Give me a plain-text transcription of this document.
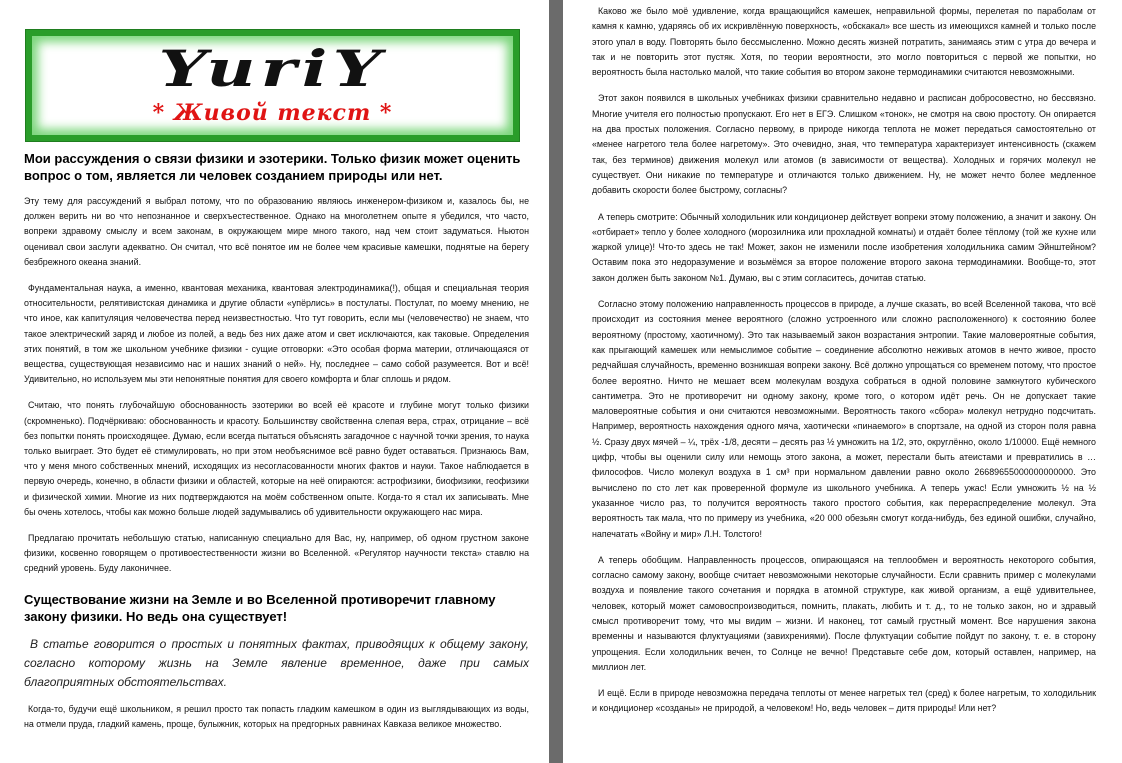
YuriY
* Живой текст *
Мои рассуждения о связи физики и эзотерики. Только физик может оценить вопрос о том, является ли человек созданием природы или нет.

Эту тему для рассуждений я выбрал потому, что по образованию являюсь инженером-физиком и, казалось бы, не должен верить ни во что непознанное и сверхъестественное. Однако на многолетнем опыте я убедился, что часто, вопреки здравому смыслу и всем законам, в окружающем мире много такого, над чем стоит задуматься. Ньютон оценивал свои заслуги адекватно. Он считал, что всё понятое им не более чем красивые камешки, поднятые на берегу безбрежного океана знаний.

Фундаментальная наука, а именно, квантовая механика, квантовая электродинамика(!), общая и специальная теория относительности, релятивистская динамика и другие области «упёрлись» в постулаты. Постулат, по моему мнению, не что иное, как капитуляция человечества перед неизвестностью. Что тут говорить, если мы (человечество) не знаем, что такое электрический заряд и любое из полей, а ведь без них даже атом и свет исключаются, как таковые. Определения этих понятий, в том же школьном учебнике физики - сущие отговорки: «Это особая форма материи, отличающаяся от вещества, существующая независимо нас и наших знаний о ней». Ну, последнее – само собой разумеется. Вот и всё! Удивительно, но используем мы эти непонятные понятия для своего комфорта и благ сплошь и рядом.

Считаю, что понять глубочайшую обоснованность эзотерики во всей её красоте и глубине могут только физики (скромненько). Подчёркиваю: обоснованность и красоту. Большинству свойственна слепая вера, страх, отрицание – всё без попытки понять происходящее. Думаю, если всегда пытаться объяснять загадочное с научной точки зрения, то наука только выиграет. Это будет её стимулировать, но при этом необъяснимое всё равно будет оставаться. Признаюсь Вам, что у меня много собственных мнений, исходящих из несогласованности многих фактов и науки. Такое наблюдается в первую очередь, конечно, в области физики и областей, которые на неё опираются: астрофизики, биофизики, геофизики и физической химии. Многие из них подтверждаются на моём собственном опыте. Когда-то я стал их записывать. Мне бы очень хотелось, чтобы как можно больше людей задумывались об удивительности окружающего нас мира.

Предлагаю прочитать небольшую статью, написанную специально для Вас, ну, например, об одном грустном законе физики, косвенно говорящем о противоестественности жизни во Вселенной. «Регулятор научности текста» ставлю на средний уровень. Буду лаконичнее.

Существование жизни на Земле и во Вселенной противоречит главному закону физики. Но ведь она существует!

В статье говорится о простых и понятных фактах, приводящих к общему закону, согласно которому жизнь на Земле явление временное, даже при самых благоприятных обстоятельствах.

Когда-то, будучи ещё школьником, я решил просто так попасть гладким камешком в один из выглядывающих из воды, на отмели пруда, гладкий камень, проще, булыжник, которых на предгорных равнинах Кавказа великое множество.

Каково же было моё удивление, когда вращающийся камешек, неправильной формы, перелетая по параболам от камня к камню, ударяясь об их искривлённую поверхность, «обскакал» все шесть из имеющихся камней и только после этого упал в воду. Повторять было бессмысленно. Можно десять жизней потратить, занимаясь этим с утра до вечера и так и не повторить этот пустяк. Хотя, по теории вероятности, это могло повториться с первой же попытки, но вероятность была настолько малой, что такие события во втором законе термодинамики считаются невозможными.

Этот закон появился в школьных учебниках физики сравнительно недавно и расписан добросовестно, но бессвязно. Многие учителя его полностью пропускают. Его нет в ЕГЭ. Слишком «тонок», не смотря на свою простоту. Он опирается на два простых положения. Согласно первому, в природе никогда теплота не может передаться самостоятельно от «менее нагретого тела более нагретому». Это очевидно, зная, что температура характеризует интенсивность (скажем так, без терминов) движения молекул или атомов (в зависимости от вещества). Холодных и горячих молекул не существует. Они никакие по температуре и отличаются только движением. Ну, не может нечто более медленное добавить скорости более быстрому, согласны?

А теперь смотрите: Обычный холодильник или кондиционер действует вопреки этому положению, а значит и закону. Он «отбирает» тепло у более холодного (морозилника или прохладной комнаты) и отдаёт более тёплому (той же кухне или жаркой улице)! Что-то здесь не так! Может, закон не изменили после изобретения холодильника самим Эйнштейном? Оставим пока это недоразумение и возьмёмся за второе положение второго закона термодинамики. Вообще-то, этот закон должен быть законом №1. Думаю, вы с этим согласитесь, дочитав статью.

Согласно этому положению направленность процессов в природе, а лучше сказать, во всей Вселенной такова, что всё происходит из состояния менее вероятного (сложно устроенного или сложно расположенного) к состоянию более вероятному (простому, хаотичному). Это так называемый закон возрастания энтропии. Такие маловероятные события, как прыгающий камешек или немыслимое событие – соединение абсолютно неживых атомов в нечто живое, просто редчайшая случайность, временно возникшая вопреки закону. Всё должно упрощаться со временем потому, что простое более вероятно. Ничто не мешает всем молекулам воздуха собраться в одной половине замкнутого кубического сантиметра. Это не противоречит ни одному закону, кроме того, о котором идёт речь. Он не допускает такие маловероятные события и они считаются невозможными. Вероятность такого «сбора» молекул нетрудно подсчитать. Например, вероятность нахождения одного мяча, хаотически «пинаемого» в спортзале, на одной из сторон поля равна ½. Сразу двух мячей – ¼, трёх -1/8, десяти – десять раз ½ умножить на 1/2, это, округлённо, около 1/10000. Ещё немного цифр, чтобы вы оценили силу или немощь этого закона, а может, перестали быть атеистами и превратились в … философов. Число молекул воздуха в 1 см³ при нормальном давлении равно около 26689655000000000000. Это вычислено по сто лет как проверенной формуле из школьного учебника. А теперь ужас! Если умножить ½ на ½ указанное число раз, то получится вероятность такого простого события, как перераспределение молекул. Эта вероятность так мала, что по примеру из учебника, «20 000 обезьян смогут когда-нибудь, без единой ошибки, случайно, напечатать «Войну и мир» Л.Н. Толстого!

А теперь обобщим. Направленность процессов, опирающаяся на теплообмен и вероятность некоторого события, согласно самому закону, вообще считает невозможными некоторые случайности. Если сравнить пример с молекулами воздуха и появление такого сочетания и порядка в атомной структуре, как живой организм, а ещё удивительнее, человек, который может самовоспроизводиться, помнить, плакать, любить и т. д., то не только закон, но и здравый смысл противоречит тому, что мы видим – жизни. И наконец, тот самый грустный момент. Все нарушения закона временны и называются флуктуациями (завихрениями). После флуктуации событие пойдут по закону, т. е. в сторону упрощения. Если холодильник вечен, то Солнце не вечно! Представьте себе дом, который оставлен, например, на миллион лет.

И ещё. Если в природе невозможна передача теплоты от менее нагретых тел (сред) к более нагретым, то холодильник и кондиционер «созданы» не природой, а человеком! Но, ведь человек – дитя природы! Или нет?
